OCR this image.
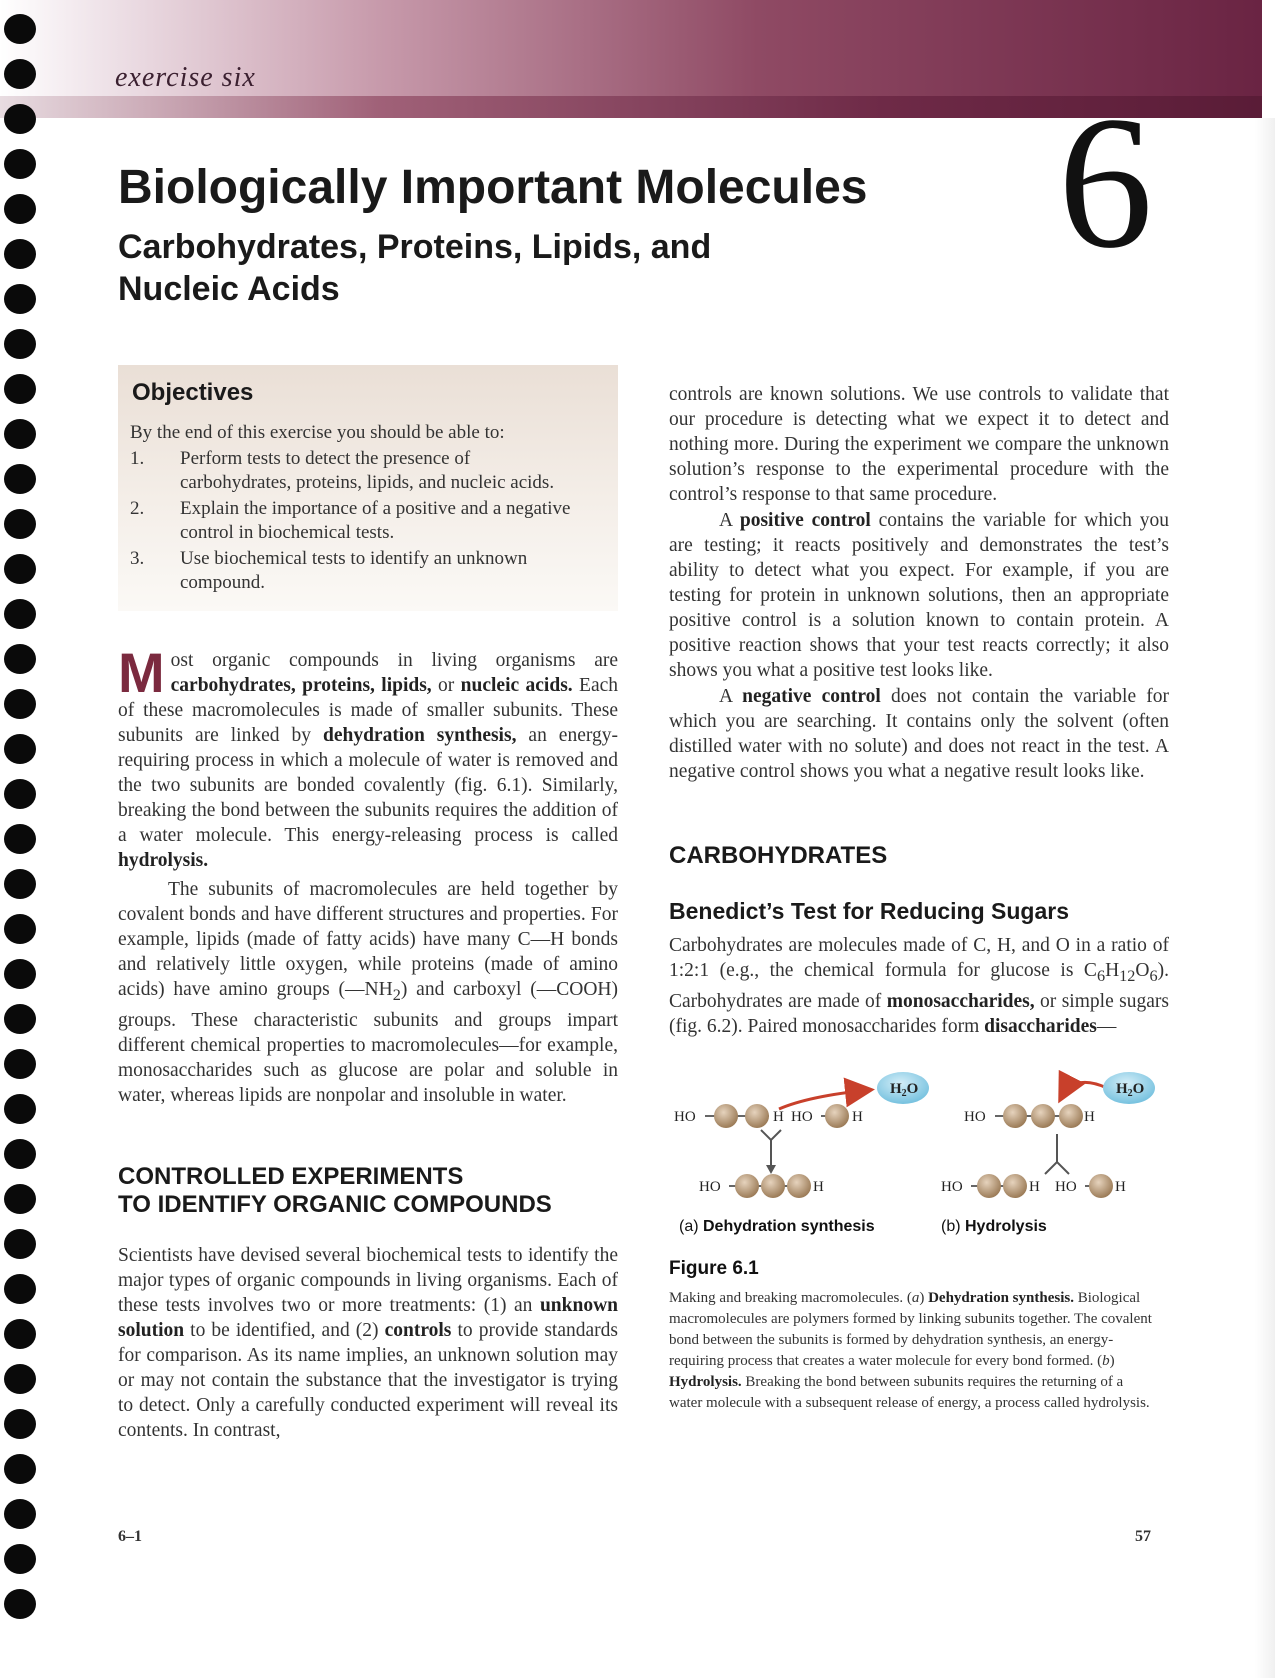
exercise six
6
Biologically Important Molecules
Carbohydrates, Proteins, Lipids, and Nucleic Acids
Objectives
By the end of this exercise you should be able to:
1.	Perform tests to detect the presence of carbohydrates, proteins, lipids, and nucleic acids.
2.	Explain the importance of a positive and a negative control in biochemical tests.
3.	Use biochemical tests to identify an unknown compound.

Most organic compounds in living organisms are carbohydrates, proteins, lipids, or nucleic acids. Each of these macromolecules is made of smaller subunits. These subunits are linked by dehydration synthesis, an energy-requiring process in which a molecule of water is removed and the two subunits are bonded covalently (fig. 6.1). Similarly, breaking the bond between the subunits requires the addition of a water molecule. This energy-releasing process is called hydrolysis.

The subunits of macromolecules are held together by covalent bonds and have different structures and properties. For example, lipids (made of fatty acids) have many C—H bonds and relatively little oxygen, while proteins (made of amino acids) have amino groups $(—NH_2)$ and carboxyl (—COOH) groups. These characteristic subunits and groups impart different chemical properties to macromolecules—for example, monosaccharides such as glucose are polar and soluble in water, whereas lipids are nonpolar and insoluble in water.

CONTROLLED EXPERIMENTS
TO IDENTIFY ORGANIC COMPOUNDS

Scientists have devised several biochemical tests to identify the major types of organic compounds in living organisms. Each of these tests involves two or more treatments: (1) an unknown solution to be identified, and (2) controls to provide standards for comparison. As its name implies, an unknown solution may or may not contain the substance that the investigator is trying to detect. Only a carefully conducted experiment will reveal its contents. In contrast,

controls are known solutions. We use controls to validate that our procedure is detecting what we expect it to detect and nothing more. During the experiment we compare the unknown solution’s response to the experimental procedure with the control’s response to that same procedure.

A positive control contains the variable for which you are testing; it reacts positively and demonstrates the test’s ability to detect what you expect. For example, if you are testing for protein in unknown solutions, then an appropriate positive control is a solution known to contain protein. A positive reaction shows that your test reacts correctly; it also shows you what a positive test looks like.

A negative control does not contain the variable for which you are searching. It contains only the solvent (often distilled water with no solute) and does not react in the test. A negative control shows you what a negative result looks like.

CARBOHYDRATES
Benedict’s Test for Reducing Sugars

Carbohydrates are molecules made of C, H, and O in a ratio of 1:2:1 (e.g., the chemical formula for glucose is $C_6H_{12}O_6$). Carbohydrates are made of monosaccharides, or simple sugars (fig. 6.2). Paired monosaccharides form disaccharides—

HO	H HO	H
$H_2O$
HO	H
HO	H
$H_2O$
HO	H HO	H
(a) Dehydration synthesis	(b) Hydrolysis
Figure 6.1
Making and breaking macromolecules. (a) Dehydration synthesis. Biological macromolecules are polymers formed by linking subunits together. The covalent bond between the subunits is formed by dehydration synthesis, an energy-requiring process that creates a water molecule for every bond formed. (b) Hydrolysis. Breaking the bond between subunits requires the returning of a water molecule with a subsequent release of energy, a process called hydrolysis.
6–1	57
